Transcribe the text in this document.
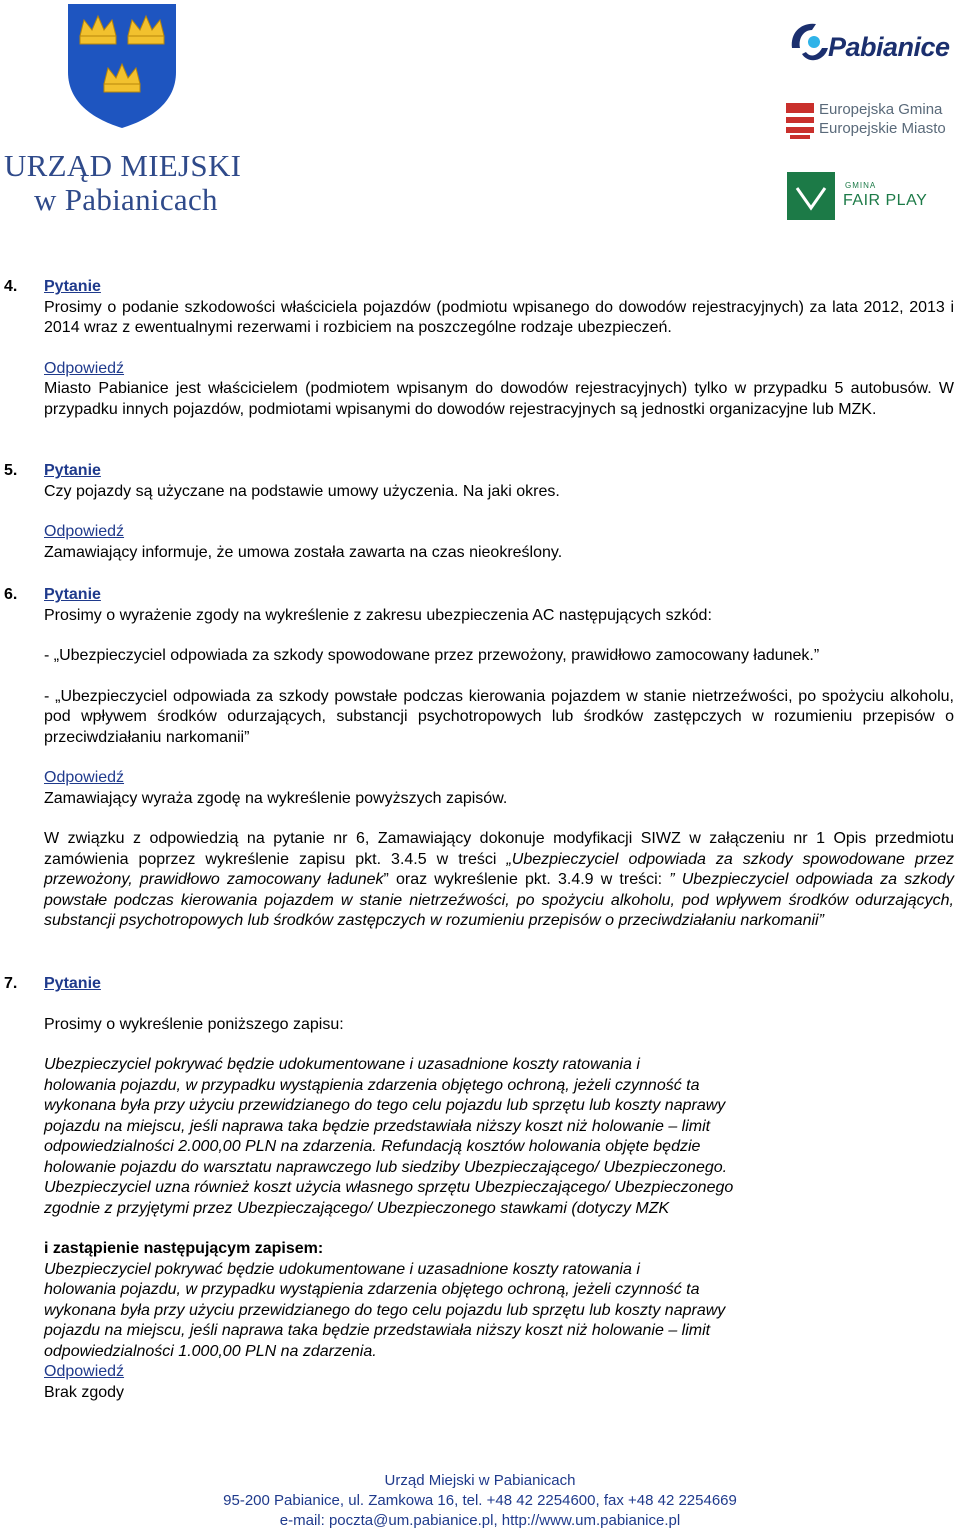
URZĄD MIEJSKI
w Pabianicach
Pabianice
Europejska Gmina
Europejskie Miasto
GMINA
FAIR PLAY
4. Pytanie

Prosimy o podanie szkodowości właściciela pojazdów (podmiotu wpisanego do dowodów rejestracyjnych) za lata 2012, 2013 i 2014 wraz z ewentualnymi rezerwami i rozbiciem na poszczególne rodzaje ubezpieczeń.

Odpowiedź

Miasto Pabianice jest właścicielem (podmiotem wpisanym do dowodów rejestracyjnych) tylko w przypadku 5 autobusów. W przypadku innych pojazdów, podmiotami wpisanymi do dowodów rejestracyjnych są jednostki organizacyjne lub MZK.

5. Pytanie

Czy pojazdy są użyczane na podstawie umowy użyczenia. Na jaki okres.

Odpowiedź

Zamawiający informuje, że umowa została zawarta na czas nieokreślony.

6. Pytanie

Prosimy o wyrażenie zgody na wykreślenie z zakresu ubezpieczenia AC następujących szkód:

- „Ubezpieczyciel odpowiada za szkody spowodowane przez przewożony, prawidłowo zamocowany ładunek.”

- „Ubezpieczyciel odpowiada za szkody powstałe podczas kierowania pojazdem w stanie nietrzeźwości, po spożyciu alkoholu, pod wpływem środków odurzających, substancji psychotropowych lub środków zastępczych w rozumieniu przepisów o przeciwdziałaniu narkomanii”

Odpowiedź

Zamawiający wyraża zgodę na wykreślenie powyższych zapisów.

W związku z odpowiedzią na pytanie nr 6, Zamawiający dokonuje modyfikacji SIWZ w załączeniu nr 1 Opis przedmiotu zamówienia poprzez wykreślenie zapisu pkt. 3.4.5 w treści „Ubezpieczyciel odpowiada za szkody spowodowane przez przewożony, prawidłowo zamocowany ładunek” oraz wykreślenie pkt. 3.4.9 w treści: ” Ubezpieczyciel odpowiada za szkody powstałe podczas kierowania pojazdem w stanie nietrzeźwości, po spożyciu alkoholu, pod wpływem środków odurzających, substancji psychotropowych lub środków zastępczych w rozumieniu przepisów o przeciwdziałaniu narkomanii”

7. Pytanie

Prosimy o wykreślenie poniższego zapisu:

Ubezpieczyciel pokrywać będzie udokumentowane i uzasadnione koszty ratowania i

holowania pojazdu, w przypadku wystąpienia zdarzenia objętego ochroną, jeżeli czynność ta

wykonana była przy użyciu przewidzianego do tego celu pojazdu lub sprzętu lub koszty naprawy

pojazdu na miejscu, jeśli naprawa taka będzie przedstawiała niższy koszt niż holowanie – limit

odpowiedzialności 2.000,00 PLN na zdarzenia. Refundacją kosztów holowania objęte będzie

holowanie pojazdu do warsztatu naprawczego lub siedziby Ubezpieczającego/ Ubezpieczonego.

Ubezpieczyciel uzna również koszt użycia własnego sprzętu Ubezpieczającego/ Ubezpieczonego

zgodnie z przyjętymi przez Ubezpieczającego/ Ubezpieczonego stawkami (dotyczy MZK

i zastąpienie następującym zapisem:

Ubezpieczyciel pokrywać będzie udokumentowane i uzasadnione koszty ratowania i

holowania pojazdu, w przypadku wystąpienia zdarzenia objętego ochroną, jeżeli czynność ta

wykonana była przy użyciu przewidzianego do tego celu pojazdu lub sprzętu lub koszty naprawy

pojazdu na miejscu, jeśli naprawa taka będzie przedstawiała niższy koszt niż holowanie – limit

odpowiedzialności 1.000,00 PLN na zdarzenia.

Odpowiedź

Brak zgody

Urząd Miejski w Pabianicach
95-200 Pabianice, ul. Zamkowa 16, tel. +48 42 2254600, fax +48 42 2254669
e-mail: poczta@um.pabianice.pl, http://www.um.pabianice.pl
